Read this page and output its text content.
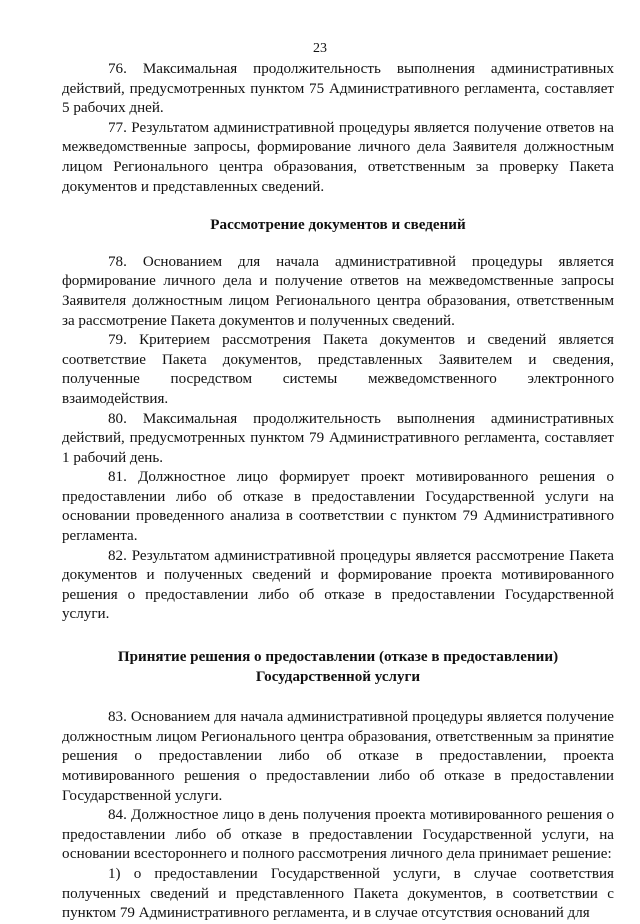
23

76. Максимальная продолжительность выполнения административных действий, предусмотренных пунктом 75 Административного регламента, составляет 5 рабочих дней.

77. Результатом административной процедуры является получение ответов на межведомственные запросы, формирование личного дела Заявителя должностным лицом Регионального центра образования, ответственным за проверку Пакета документов и представленных сведений.

Рассмотрение документов и сведений

78. Основанием для начала административной процедуры является формирование личного дела и получение ответов на межведомственные запросы Заявителя должностным лицом Регионального центра образования, ответственным за рассмотрение Пакета документов и полученных сведений.

79. Критерием рассмотрения Пакета документов и сведений является соответствие Пакета документов, представленных Заявителем и сведения, полученные посредством системы межведомственного электронного взаимодействия.

80. Максимальная продолжительность выполнения административных действий, предусмотренных пунктом 79 Административного регламента, составляет 1 рабочий день.

81. Должностное лицо формирует проект мотивированного решения о предоставлении либо об отказе в предоставлении Государственной услуги на основании проведенного анализа в соответствии с пунктом 79 Административного регламента.

82. Результатом административной процедуры является рассмотрение Пакета документов и полученных сведений и формирование проекта мотивированного решения о предоставлении либо об отказе в предоставлении Государственной услуги.

Принятие решения о предоставлении (отказе в предоставлении)
Государственной услуги

83. Основанием для начала административной процедуры является получение должностным лицом Регионального центра образования, ответственным за принятие решения о предоставлении либо об отказе в предоставлении, проекта мотивированного решения о предоставлении либо об отказе в предоставлении Государственной услуги.

84. Должностное лицо в день получения проекта мотивированного решения о предоставлении либо об отказе в предоставлении Государственной услуги, на основании всестороннего и полного рассмотрения личного дела принимает решение:

1) о предоставлении Государственной услуги, в случае соответствия полученных сведений и представленного Пакета документов, в соответствии с пунктом 79 Административного регламента, и в случае отсутствия оснований для
